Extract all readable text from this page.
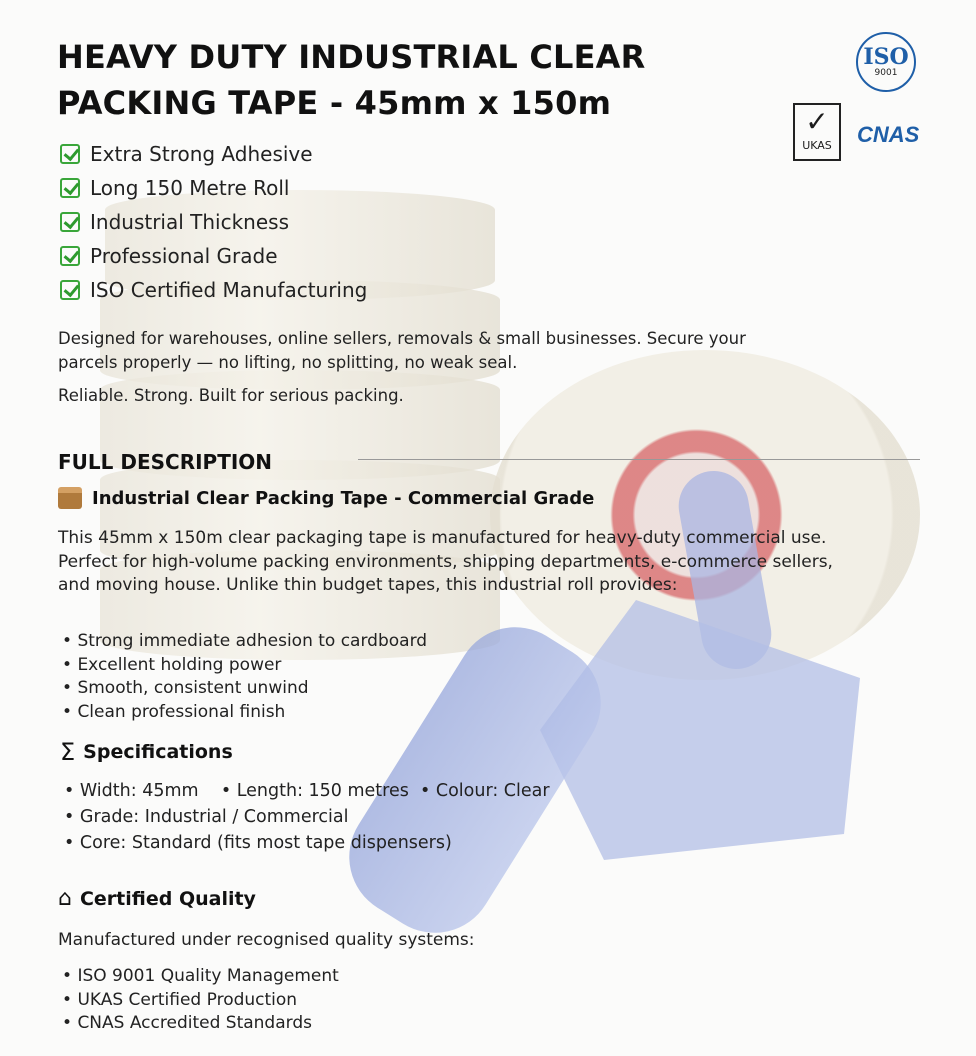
HEAVY DUTY INDUSTRIAL CLEAR
PACKING TAPE - 45mm x 150m
ISO
9001
✓
UKAS	CNAS
Extra Strong Adhesive
Long 150 Metre Roll
Industrial Thickness
Professional Grade
ISO Certified Manufacturing

Designed for warehouses, online sellers, removals & small businesses. Secure your parcels properly — no lifting, no splitting, no weak seal.

Reliable. Strong. Built for serious packing.

FULL DESCRIPTION
Industrial Clear Packing Tape - Commercial Grade

This 45mm x 150m clear packaging tape is manufactured for heavy-duty commercial use. Perfect for high-volume packing environments, shipping departments, e-commerce sellers, and moving house. Unlike thin budget tapes, this industrial roll provides:

• Strong immediate adhesion to cardboard
• Excellent holding power
• Smooth, consistent unwind
• Clean professional finish
Σ Specifications
• Width: 45mm    • Length: 150 metres  • Colour: Clear
• Grade: Industrial / Commercial
• Core: Standard (fits most tape dispensers)
⌂ Certified Quality

Manufactured under recognised quality systems:

• ISO 9001 Quality Management
• UKAS Certified Production
• CNAS Accredited Standards
